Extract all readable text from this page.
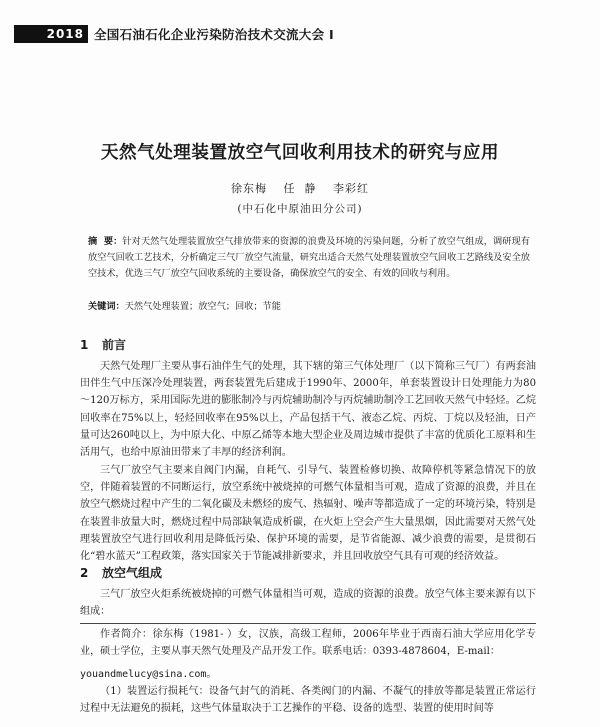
2018 全国石油石化企业污染防治技术交流大会 I
天然气处理装置放空气回收利用技术的研究与应用
徐东梅 任  静 李彩红
(中石化中原油田分公司)
摘  要：针对天然气处理装置放空气排放带来的资源的浪费及环境的污染问题，分析了放空气组成，调研现有放空气回收工艺技术，分析确定三气厂放空气流量，研究出适合天然气处理装置放空气回收工艺路线及安全放空技术，优选三气厂放空气回收系统的主要设备，确保放空气的安全、有效的回收与利用。
关键词：天然气处理装置；放空气；回收；节能
1 前言
天然气处理厂主要从事石油伴生气的处理，其下辖的第三气体处理厂（以下简称三气厂）有两套油田伴生气中压深冷处理装置，两套装置先后建成于1990年、2000年，单套装置设计日处理能力为80～120万标方，采用国际先进的膨胀制冷与丙烷辅助制冷与丙烷辅助制冷工艺回收天然气中轻烃。乙烷回收率在75%以上，轻烃回收率在95%以上，产品包括干气、液态乙烷、丙烷、丁烷以及轻油，日产量可达260吨以上，为中原大化、中原乙烯等本地大型企业及周边城市提供了丰富的优质化工原料和生活用气，也给中原油田带来了丰厚的经济利润。
三气厂放空气主要来自阀门内漏，自耗气、引导气、装置检修切换、故障停机等紧急情况下的放空，伴随着装置的不同断运行，放空系统中被烧掉的可燃气体量相当可观，造成了资源的浪费，并且在放空气燃烧过程中产生的二氧化碳及未燃烃的废气、热辐射、噪声等都造成了一定的环境污染，特别是在装置非放量大时，燃烧过程中局部缺氧造成析碳，在火炬上空会产生大量黑烟，因此需要对天然气处理装置放空气进行回收利用是降低污染、保护环境的需要，是节省能源、减少浪费的需要，是贯彻石化“碧水蓝天”工程政策，落实国家关于节能减排新要求，并且回收放空气具有可观的经济效益。
2 放空气组成
三气厂放空火炬系统被烧掉的可燃气体量相当可观，造成的资源的浪费。放空气体主要来源有以下组成：
作者简介：徐东梅（1981- ）女，汉族，高级工程师，2006年毕业于西南石油大学应用化学专业，硕士学位，主要从事天然气处理及产品开发工作。联系电话：0393-4878604，E-mail：
youandmelucy@sina.com。
（1）装置运行损耗气：设备气封气的消耗、各类阀门的内漏、不凝气的排放等都是装置正常运行过程中无法避免的损耗，这些气体量取决于工艺操作的平稳、设备的选型、装置的使用时间等
